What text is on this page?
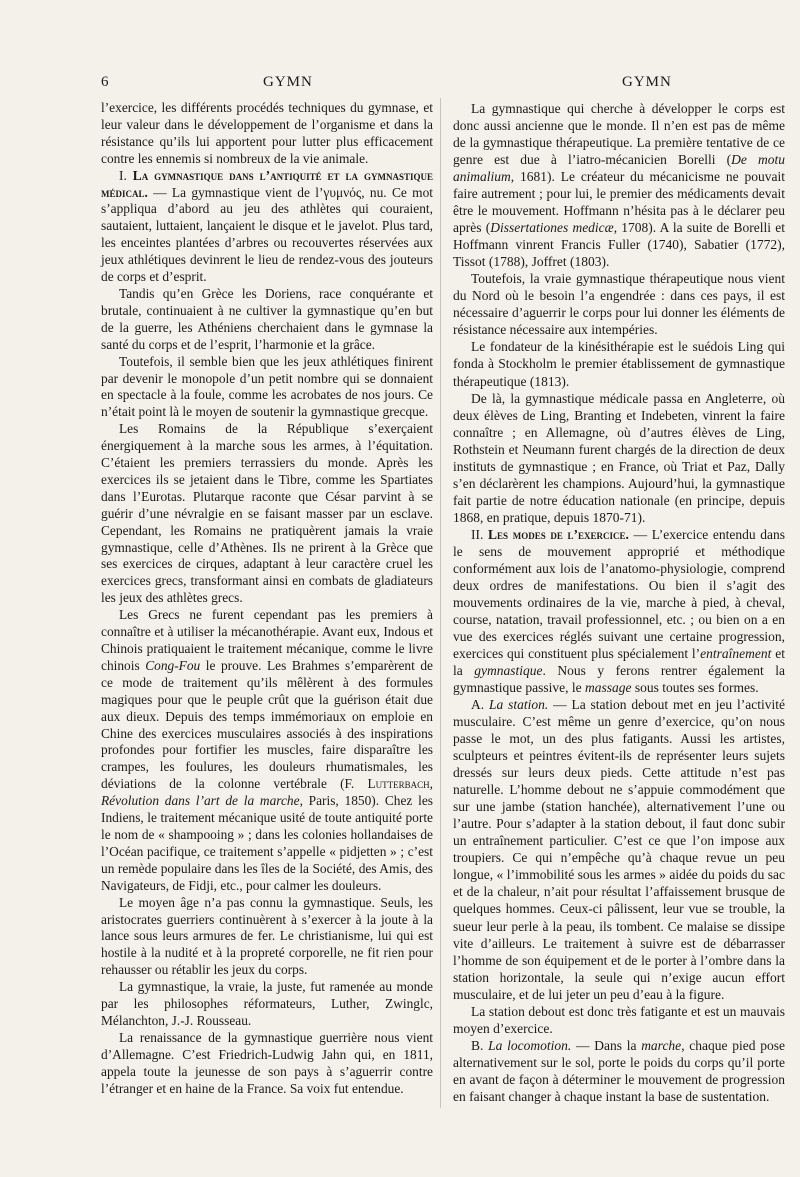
6	GYMN	GYMN

l’exercice, les différents procédés techniques du gymnase, et leur valeur dans le développement de l’organisme et dans la résistance qu’ils lui apportent pour lutter plus efficacement contre les ennemis si nombreux de la vie animale.

I. La gymnastique dans l’antiquité et la gymnastique médical. — La gymnastique vient de l’γυμνός, nu. Ce mot s’appliqua d’abord au jeu des athlètes qui couraient, sautaient, luttaient, lançaient le disque et le javelot. Plus tard, les enceintes plantées d’arbres ou recouvertes réservées aux jeux athlétiques devinrent le lieu de rendez-vous des jouteurs de corps et d’esprit.

Tandis qu’en Grèce les Doriens, race conquérante et brutale, continuaient à ne cultiver la gymnastique qu’en but de la guerre, les Athéniens cherchaient dans le gymnase la santé du corps et de l’esprit, l’harmonie et la grâce.

Toutefois, il semble bien que les jeux athlétiques finirent par devenir le monopole d’un petit nombre qui se donnaient en spectacle à la foule, comme les acrobates de nos jours. Ce n’était point là le moyen de soutenir la gymnastique grecque.

Les Romains de la République s’exerçaient énergiquement à la marche sous les armes, à l’équitation. C’étaient les premiers terrassiers du monde. Après les exercices ils se jetaient dans le Tibre, comme les Spartiates dans l’Eurotas. Plutarque raconte que César parvint à se guérir d’une névralgie en se faisant masser par un esclave. Cependant, les Romains ne pratiquèrent jamais la vraie gymnastique, celle d’Athènes. Ils ne prirent à la Grèce que ses exercices de cirques, adaptant à leur caractère cruel les exercices grecs, transformant ainsi en combats de gladiateurs les jeux des athlètes grecs.

Les Grecs ne furent cependant pas les premiers à connaître et à utiliser la mécanothérapie. Avant eux, Indous et Chinois pratiquaient le traitement mécanique, comme le livre chinois Cong-Fou le prouve. Les Brahmes s’emparèrent de ce mode de traitement qu’ils mêlèrent à des formules magiques pour que le peuple crût que la guérison était due aux dieux. Depuis des temps immémoriaux on emploie en Chine des exercices musculaires associés à des inspirations profondes pour fortifier les muscles, faire disparaître les crampes, les foulures, les douleurs rhumatismales, les déviations de la colonne vertébrale (F. Lutterbach, Révolution dans l’art de la marche, Paris, 1850). Chez les Indiens, le traitement mécanique usité de toute antiquité porte le nom de « shampooing » ; dans les colonies hollandaises de l’Océan pacifique, ce traitement s’appelle « pidjetten » ; c’est un remède populaire dans les îles de la Société, des Amis, des Navigateurs, de Fidji, etc., pour calmer les douleurs.

Le moyen âge n’a pas connu la gymnastique. Seuls, les aristocrates guerriers continuèrent à s’exercer à la joute à la lance sous leurs armures de fer. Le christianisme, lui qui est hostile à la nudité et à la propreté corporelle, ne fit rien pour rehausser ou rétablir les jeux du corps.

La gymnastique, la vraie, la juste, fut ramenée au monde par les philosophes réformateurs, Luther, Zwinglc, Mélanchton, J.-J. Rousseau.

La renaissance de la gymnastique guerrière nous vient d’Allemagne. C’est Friedrich-Ludwig Jahn qui, en 1811, appela toute la jeunesse de son pays à s’aguerrir contre l’étranger et en haine de la France. Sa voix fut entendue.

La gymnastique qui cherche à développer le corps est donc aussi ancienne que le monde. Il n’en est pas de même de la gymnastique thérapeutique. La première tentative de ce genre est due à l’iatro-mécanicien Borelli (De motu animalium, 1681). Le créateur du mécanicisme ne pouvait faire autrement ; pour lui, le premier des médicaments devait être le mouvement. Hoffmann n’hésita pas à le déclarer peu après (Dissertationes medicæ, 1708). A la suite de Borelli et Hoffmann vinrent Francis Fuller (1740), Sabatier (1772), Tissot (1788), Joffret (1803).

Toutefois, la vraie gymnastique thérapeutique nous vient du Nord où le besoin l’a engendrée : dans ces pays, il est nécessaire d’aguerrir le corps pour lui donner les éléments de résistance nécessaire aux intempéries.

Le fondateur de la kinésithérapie est le suédois Ling qui fonda à Stockholm le premier établissement de gymnastique thérapeutique (1813).

De là, la gymnastique médicale passa en Angleterre, où deux élèves de Ling, Branting et Indebeten, vinrent la faire connaître ; en Allemagne, où d’autres élèves de Ling, Rothstein et Neumann furent chargés de la direction de deux instituts de gymnastique ; en France, où Triat et Paz, Dally s’en déclarèrent les champions. Aujourd’hui, la gymnastique fait partie de notre éducation nationale (en principe, depuis 1868, en pratique, depuis 1870-71).

II. Les modes de l’exercice. — L’exercice entendu dans le sens de mouvement approprié et méthodique conformément aux lois de l’anatomo-physiologie, comprend deux ordres de manifestations. Ou bien il s’agit des mouvements ordinaires de la vie, marche à pied, à cheval, course, natation, travail professionnel, etc. ; ou bien on a en vue des exercices réglés suivant une certaine progression, exercices qui constituent plus spécialement l’entraînement et la gymnastique. Nous y ferons rentrer également la gymnastique passive, le massage sous toutes ses formes.

A. La station. — La station debout met en jeu l’activité musculaire. C’est même un genre d’exercice, qu’on nous passe le mot, un des plus fatigants. Aussi les artistes, sculpteurs et peintres évitent-ils de représenter leurs sujets dressés sur leurs deux pieds. Cette attitude n’est pas naturelle. L’homme debout ne s’appuie commodément que sur une jambe (station hanchée), alternativement l’une ou l’autre. Pour s’adapter à la station debout, il faut donc subir un entraînement particulier. C’est ce que l’on impose aux troupiers. Ce qui n’empêche qu’à chaque revue un peu longue, « l’immobilité sous les armes » aidée du poids du sac et de la chaleur, n’ait pour résultat l’affaissement brusque de quelques hommes. Ceux-ci pâlissent, leur vue se trouble, la sueur leur perle à la peau, ils tombent. Ce malaise se dissipe vite d’ailleurs. Le traitement à suivre est de débarrasser l’homme de son équipement et de le porter à l’ombre dans la station horizontale, la seule qui n’exige aucun effort musculaire, et de lui jeter un peu d’eau à la figure.

La station debout est donc très fatigante et est un mauvais moyen d’exercice.

B. La locomotion. — Dans la marche, chaque pied pose alternativement sur le sol, porte le poids du corps qu’il porte en avant de façon à déterminer le mouvement de progression en faisant changer à chaque instant la base de sustentation.
